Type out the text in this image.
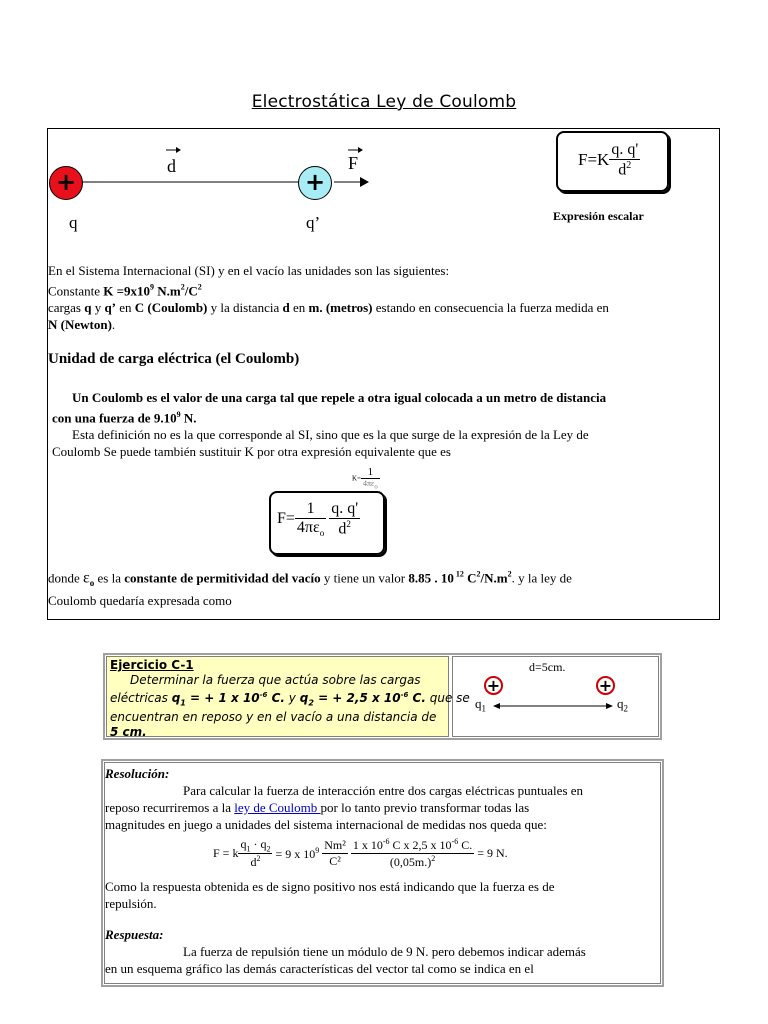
Electrostática Ley de Coulomb
+	+
d	F
q	q’
$F=K \frac{q. q'}{d^2}$
Expresión escalar
En el Sistema Internacional (SI) y en el vacío las unidades son las siguientes:
Constante $K =9x10^9$ $N.m^2/C^2$
cargas q y q’ en C (Coulomb) y la distancia d en m. (metros) estando en consecuencia la fuerza medida en
N (Newton).
Unidad de carga eléctrica (el Coulomb)
Un Coulomb es el valor de una carga tal que repele a otra igual colocada a un metro de distancia
con una fuerza de 9.10$^9$ N.
Esta definición no es la que corresponde al SI, sino que es la que surge de la expresión de la Ley de
Coulomb Se puede también sustituir K por otra expresión equivalente que es
$K= \frac{1}{4\pi\varepsilon_o}$
$F= \frac{1}{4\pi\varepsilon_o} \frac{q. q'}{d^2}$
donde $\varepsilon_o$ es la constante de permitividad del vacío y tiene un valor 8.85 . 10 $^{12}$ $C^2/N.m^2$. y la ley de
Coulomb quedaría expresada como
Ejercicio C-1
Determinar la fuerza que actúa sobre las cargas
eléctricas $q_1$ = + 1 x $10^{-6}$ C. y $q_2$ = + 2,5 x $10^{-6}$ C. que se
encuentran en reposo y en el vacío a una distancia de
5 cm.
+	+
d=5cm.
$q_1$	$q_2$
Resolución:
Para calcular la fuerza de interacción entre dos cargas eléctricas puntuales en
reposo recurriremos a la ley de Coulomb por lo tanto previo transformar todas las
magnitudes en juego a unidades del sistema internacional de medidas nos queda que:
F = k $\frac{q_1 \cdot q_2}{d^2} = 9$ x $10^9 \frac{\text{Nm²}}{\text{C²}}$
$\frac{1 x 10^{-6} C x 2,5 x 10^{-6} C.}{(0,05m.)^2} = 9$ N.
Como la respuesta obtenida es de signo positivo nos está indicando que la fuerza es de
repulsión.
Respuesta:
La fuerza de repulsión tiene un módulo de 9 N. pero debemos indicar además
en un esquema gráfico las demás características del vector tal como se indica en el
